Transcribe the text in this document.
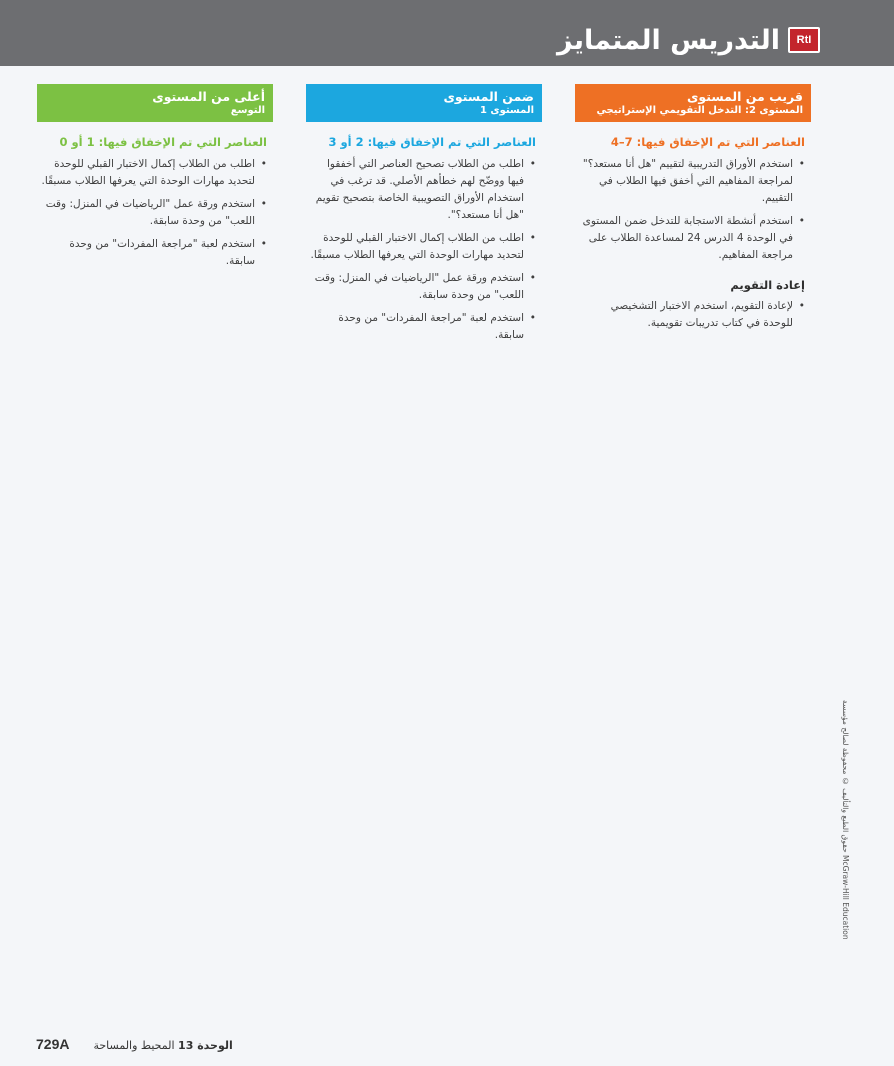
RtI
التدريس المتمايز
قريب من المستوى
المستوى 2: التدخل التقويمي الإستراتيجي
العناصر التي تم الإخفاق فيها: 7–4
• استخدم الأوراق التدريبية لتقييم "هل أنا مستعد؟" لمراجعة المفاهيم التي أخفق فيها الطلاب في التقييم.
• استخدم أنشطة الاستجابة للتدخل ضمن المستوى في الوحدة 4 الدرس 24 لمساعدة الطلاب على مراجعة المفاهيم.
إعادة التقويم
• لإعادة التقويم، استخدم الاختبار التشخيصي للوحدة في كتاب تدريبات تقويمية.
ضمن المستوى
المستوى 1
العناصر التي تم الإخفاق فيها: 2 أو 3
• اطلب من الطلاب تصحيح العناصر التي أخفقوا فيها ووضّح لهم خطأهم الأصلي. قد ترغب في استخدام الأوراق التصويبية الخاصة بتصحيح تقويم "هل أنا مستعد؟".
• اطلب من الطلاب إكمال الاختبار القبلي للوحدة لتحديد مهارات الوحدة التي يعرفها الطلاب مسبقًا.
• استخدم ورقة عمل "الرياضيات في المنزل: وقت اللعب" من وحدة سابقة.
• استخدم لعبة "مراجعة المفردات" من وحدة سابقة.
أعلى من المستوى
التوسع
العناصر التي تم الإخفاق فيها: 1 أو 0
• اطلب من الطلاب إكمال الاختبار القبلي للوحدة لتحديد مهارات الوحدة التي يعرفها الطلاب مسبقًا.
• استخدم ورقة عمل "الرياضيات في المنزل: وقت اللعب" من وحدة سابقة.
• استخدم لعبة "مراجعة المفردات" من وحدة سابقة.
حقوق الطبع والتأليف © محفوظة لصالح مؤسسة McGraw-Hill Education
729A	الوحدة 13 المحيط والمساحة
